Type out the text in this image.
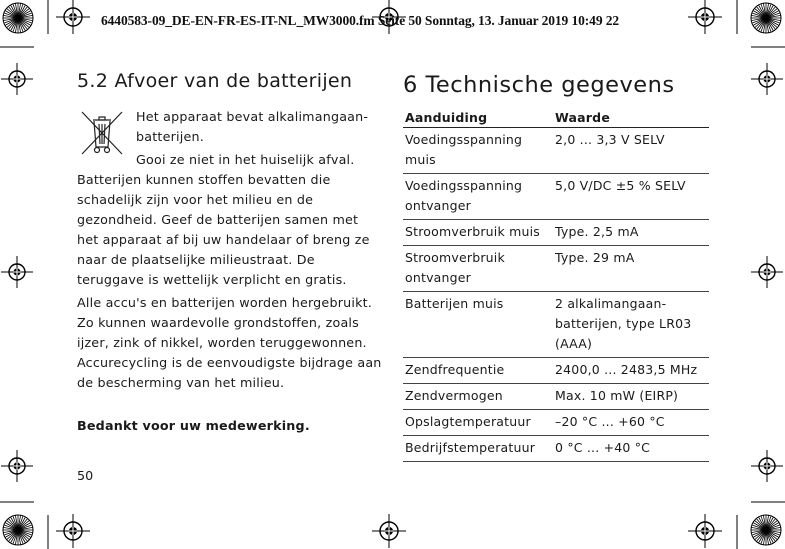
6440583-09_DE-EN-FR-ES-IT-NL_MW3000.fm Seite 50 Sonntag, 13. Januar 2019 10:49 22
5.2 Afvoer van de batterijen

Het apparaat bevat alkalimangaan-batterijen.

Gooi ze niet in het huiselijk afval.

Batterijen kunnen stoffen bevatten die schadelijk zijn voor het milieu en de gezondheid. Geef de batterijen samen met het apparaat af bij uw handelaar of breng ze naar de plaatselijke milieustraat. De teruggave is wettelijk verplicht en gratis.

Alle accu's en batterijen worden hergebruikt. Zo kunnen waardevolle grondstoffen, zoals ijzer, zink of nikkel, worden teruggewonnen. Accurecycling is de eenvoudigste bijdrage aan de bescherming van het milieu.

Bedankt voor uw medewerking.

50
6 Technische gegevens
Aanduiding	Waarde
Voedingsspanning muis	2,0 ... 3,3 V SELV
Voedingsspanning ontvanger	5,0 V/DC ±5 % SELV
Stroomverbruik muis	Type. 2,5 mA
Stroomverbruik ontvanger	Type. 29 mA
Batterijen muis	2 alkalimangaan-batterijen, type LR03 (AAA)
Zendfrequentie	2400,0 ... 2483,5 MHz
Zendvermogen	Max. 10 mW (EIRP)
Opslagtemperatuur	–20 °C ... +60 °C
Bedrijfstemperatuur	0 °C ... +40 °C
